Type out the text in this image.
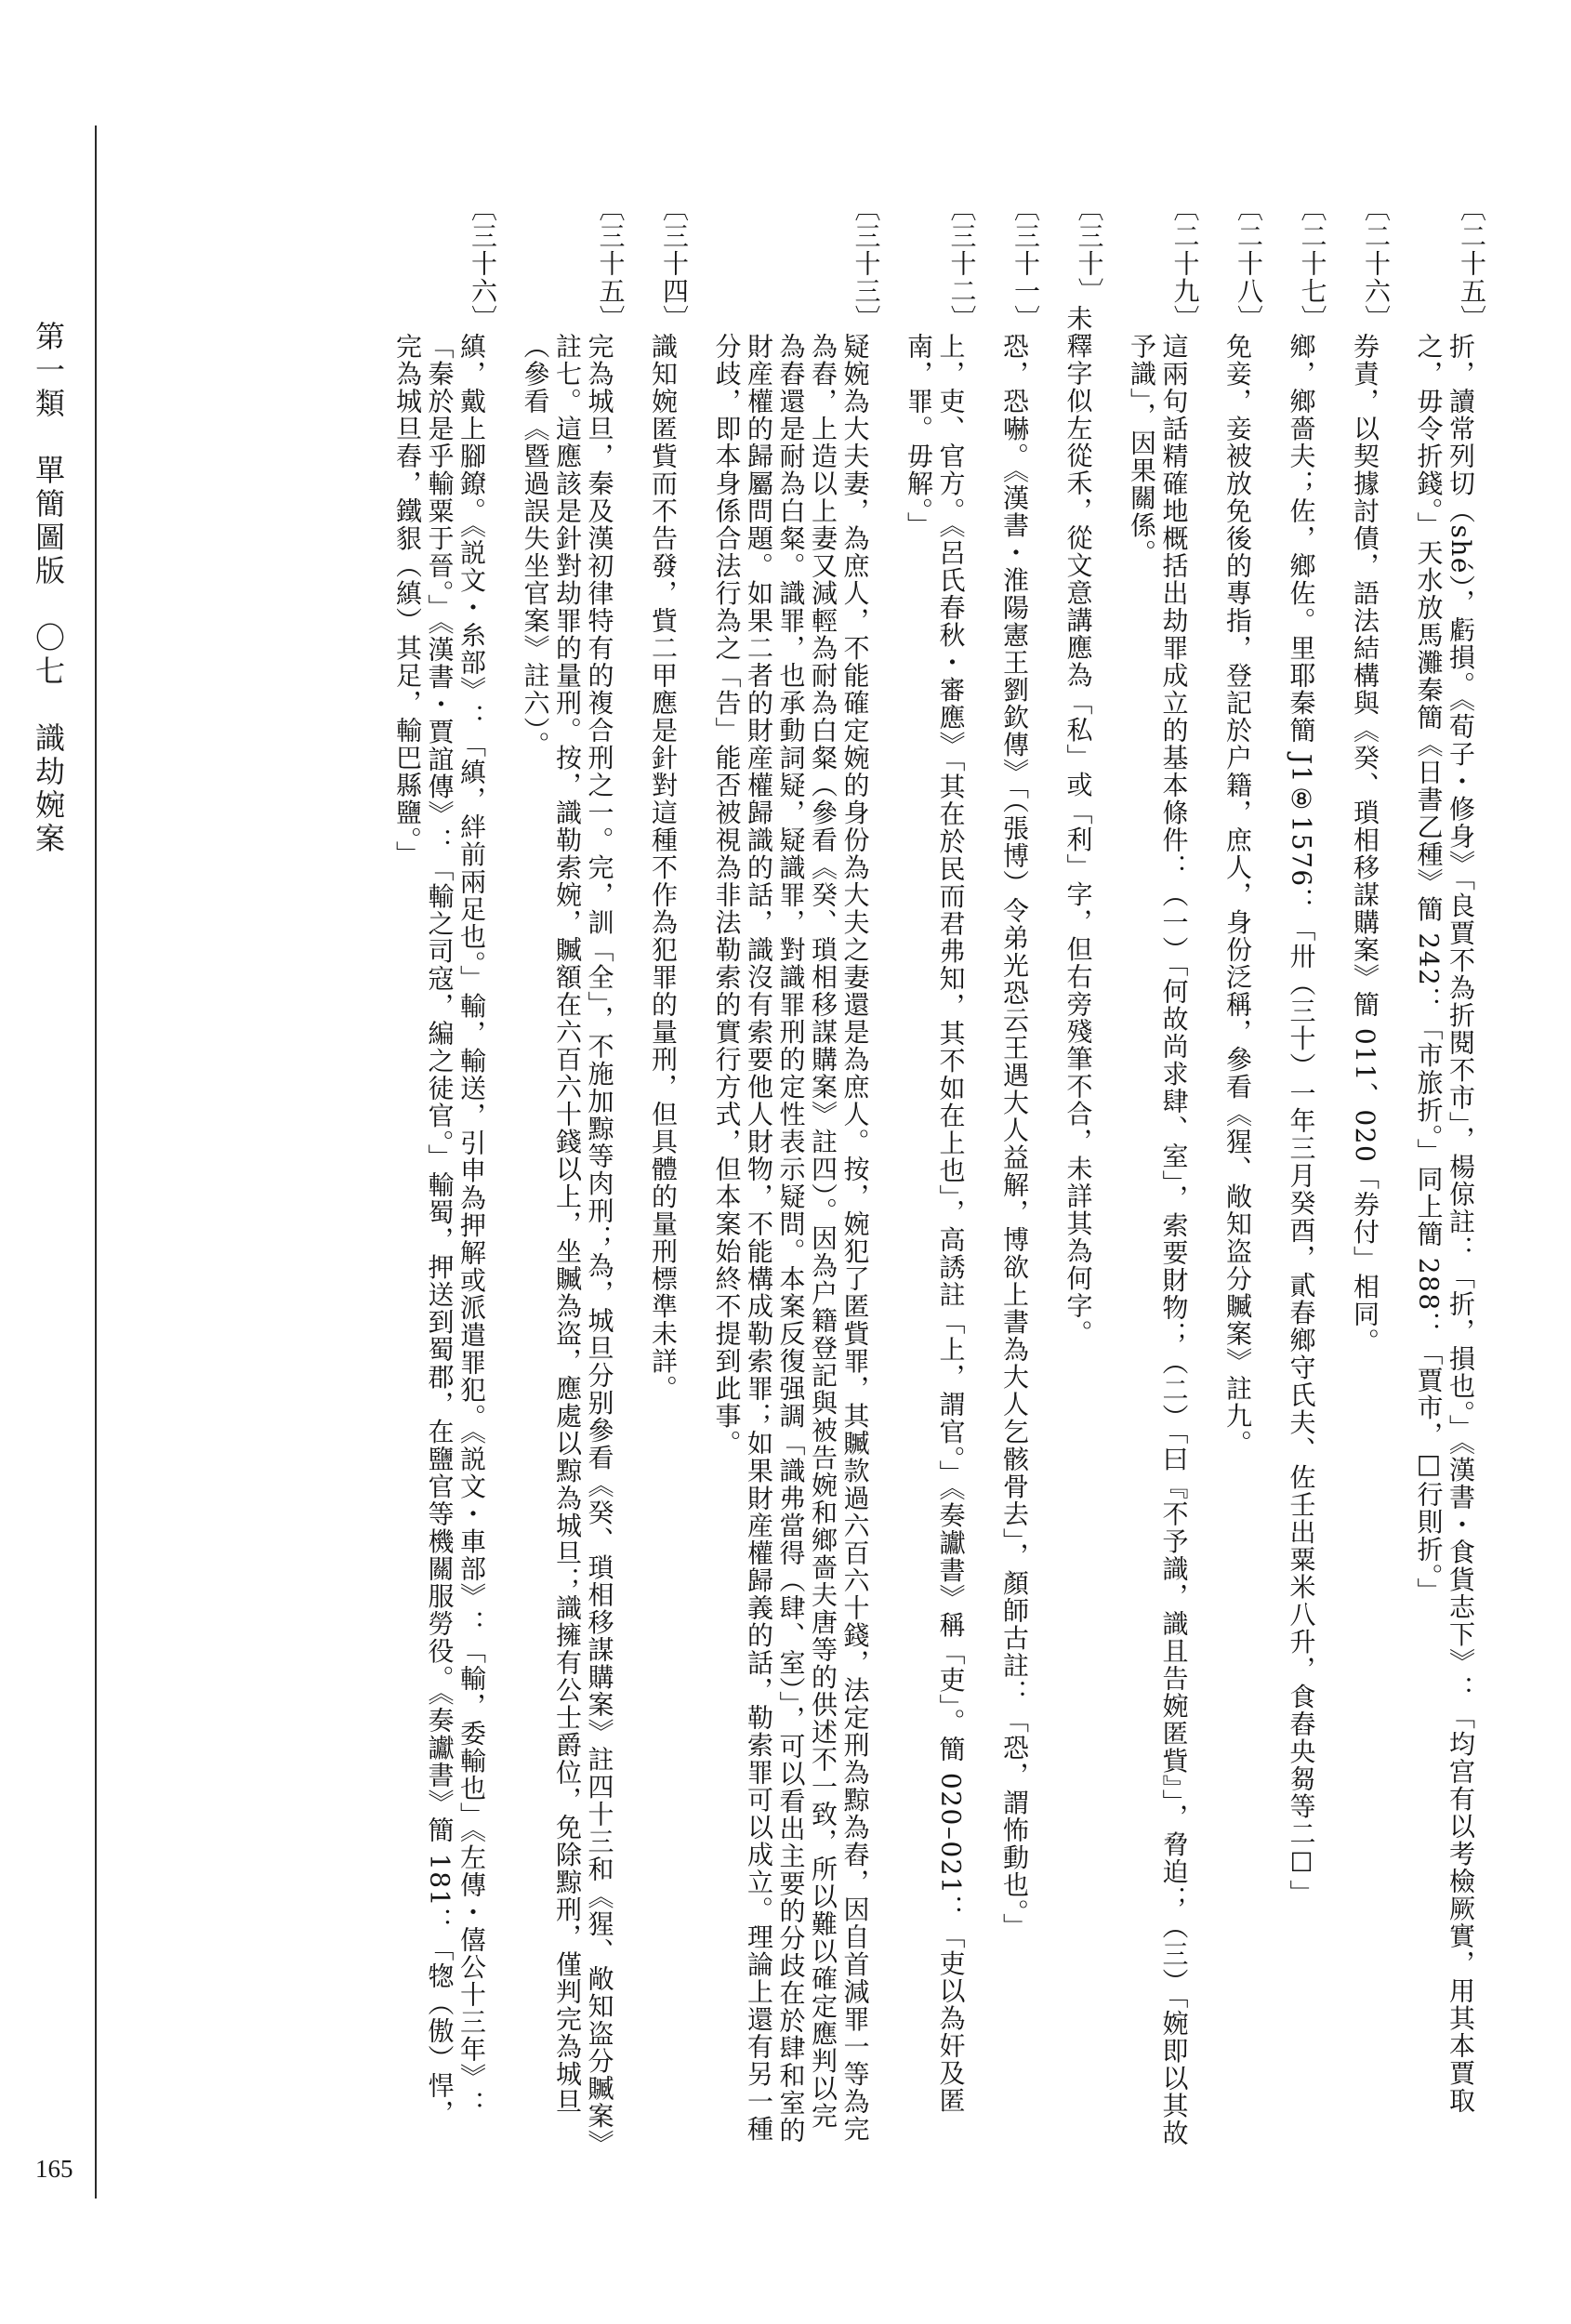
第一類　單簡圖版　〇七　識劫婉案

165

〔二十五〕
折，讀常列切（shé），虧損。《荀子・修身》「良賈不為折閱不市」，楊倞註：「折，損也。」《漢書・食貨志下》：「均宫有以考檢厥實，用其本賈取之，毋令折錢。」天水放馬灘秦簡《日書乙種》簡 242：「市旅折。」同上簡 288：「賈市，□行則折。」
〔二十六〕
券責，以契據討債，語法結構與《癸、瑣相移謀購案》簡 011、020「券付」相同。
〔二十七〕
鄉，鄉嗇夫；佐，鄉佐。里耶秦簡 J1⑧1576：「卅（三十）一年三月癸酉，貳春鄉守氏夫、佐壬出粟米八升，食舂央芻等二☐」
〔二十八〕
免妾，妾被放免後的專指，登記於户籍，庶人，身份泛稱，參看《猩、敞知盗分贓案》註九。
〔二十九〕
這兩句話精確地概括出劫罪成立的基本條件：（一）「何故尚求肆、室」，索要財物；（二）「曰『不予識，識且告婉匿貲』」，脅迫；（三）「婉即以其故予識」，因果關係。
〔三十〕
未釋字似左從禾，從文意講應為「私」或「利」字，但右旁殘筆不合，未詳其為何字。
〔三十一〕
恐，恐嚇。《漢書・淮陽憲王劉欽傳》「（張博）令弟光恐云王遇大人益解，博欲上書為大人乞骸骨去」，顏師古註：「恐，謂怖動也。」
〔三十二〕
上，吏、官方。《呂氏春秋・審應》「其在於民而君弗知，其不如在上也」，高誘註「上，謂官。」《奏讞書》稱「吏」。簡 020–021：「吏以為奸及匿南，罪。毋解。」
〔三十三〕
疑婉為大夫妻，為庶人，不能確定婉的身份為大夫之妻還是為庶人。按，婉犯了匿貲罪，其贓款過六百六十錢，法定刑為黥為舂，因自首減罪一等為完為舂，上造以上妻又減輕為耐為白粲（參看《癸、瑣相移謀購案》註四）。因為户籍登記與被告婉和鄉嗇夫唐等的供述不一致，所以難以確定應判以完為舂還是耐為白粲。識罪，也承動詞疑，疑識罪，對識罪刑的定性表示疑問。本案反復强調「識弗當得（肆、室）」，可以看出主要的分歧在於肆和室的財産權的歸屬問題。如果二者的財産權歸識的話，識沒有索要他人財物，不能構成勒索罪；如果財産權歸義的話，勒索罪可以成立。理論上還有另一種分歧，即本身係合法行為之「告」能否被視為非法勒索的實行方式，但本案始終不提到此事。
〔三十四〕
識知婉匿貲而不告發，貲二甲應是針對這種不作為犯罪的量刑，但具體的量刑標準未詳。
〔三十五〕
完為城旦，秦及漢初律特有的複合刑之一。完，訓「全」，不施加黥等肉刑；為，城旦分别參看《癸、瑣相移謀購案》註四十三和《猩、敞知盗分贓案》註七。這應該是針對劫罪的量刑。按，識勒索婉，贓額在六百六十錢以上，坐贓為盗，應處以黥為城旦；識擁有公士爵位，免除黥刑，僅判完為城旦（參看《暨過誤失坐官案》註六）。
〔三十六〕
縝，戴上腳鐐。《説文・糸部》：「縝，絆前兩足也。」輸，輸送，引申為押解或派遣罪犯。《説文・車部》：「輸，委輸也」《左傳・僖公十三年》：「秦於是乎輸粟于晉。」《漢書・賈誼傳》：「輸之司寇，編之徒官。」輸蜀，押送到蜀郡，在鹽官等機關服勞役。《奏讞書》簡 181：「㹅（傲）悍，完為城旦舂，鐵貇（縝）其足，輸巴縣鹽。」
